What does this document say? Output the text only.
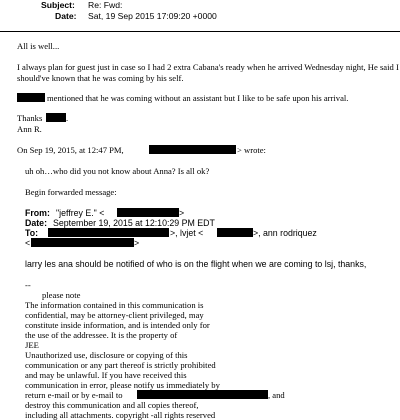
Subject: Re: Fwd:
Date: Sat, 19 Sep 2015 17:09:20 +0000
All is well...
I always plan for guest just in case so I had 2 extra Cabana's ready when he arrived Wednesday night, He said I
should've known that he was coming by his self.
mentioned that he was coming without an assistant but I like to be safe upon his arrival.
Thanks	.
Ann R.
On Sep 19, 2015, at 12:47 PM,	> wrote:
uh oh…who did you not know about Anna? Is all ok?
Begin forwarded message:
From: "jeffrey E." <	>
Date: September 19, 2015 at 12:10:29 PM EDT
To:	>, lvjet <	>, ann rodriquez
<	>
larry les ana should be notified of who is on the flight when we are coming to lsj, thanks,
--
please note
The information contained in this communication is
confidential, may be attorney-client privileged, may
constitute inside information, and is intended only for
the use of the addressee. It is the property of
JEE
Unauthorized use, disclosure or copying of this
communication or any part thereof is strictly prohibited
and may be unlawful. If you have received this
communication in error, please notify us immediately by
return e-mail or by e-mail to	, and
destroy this communication and all copies thereof,
including all attachments. copyright -all rights reserved
